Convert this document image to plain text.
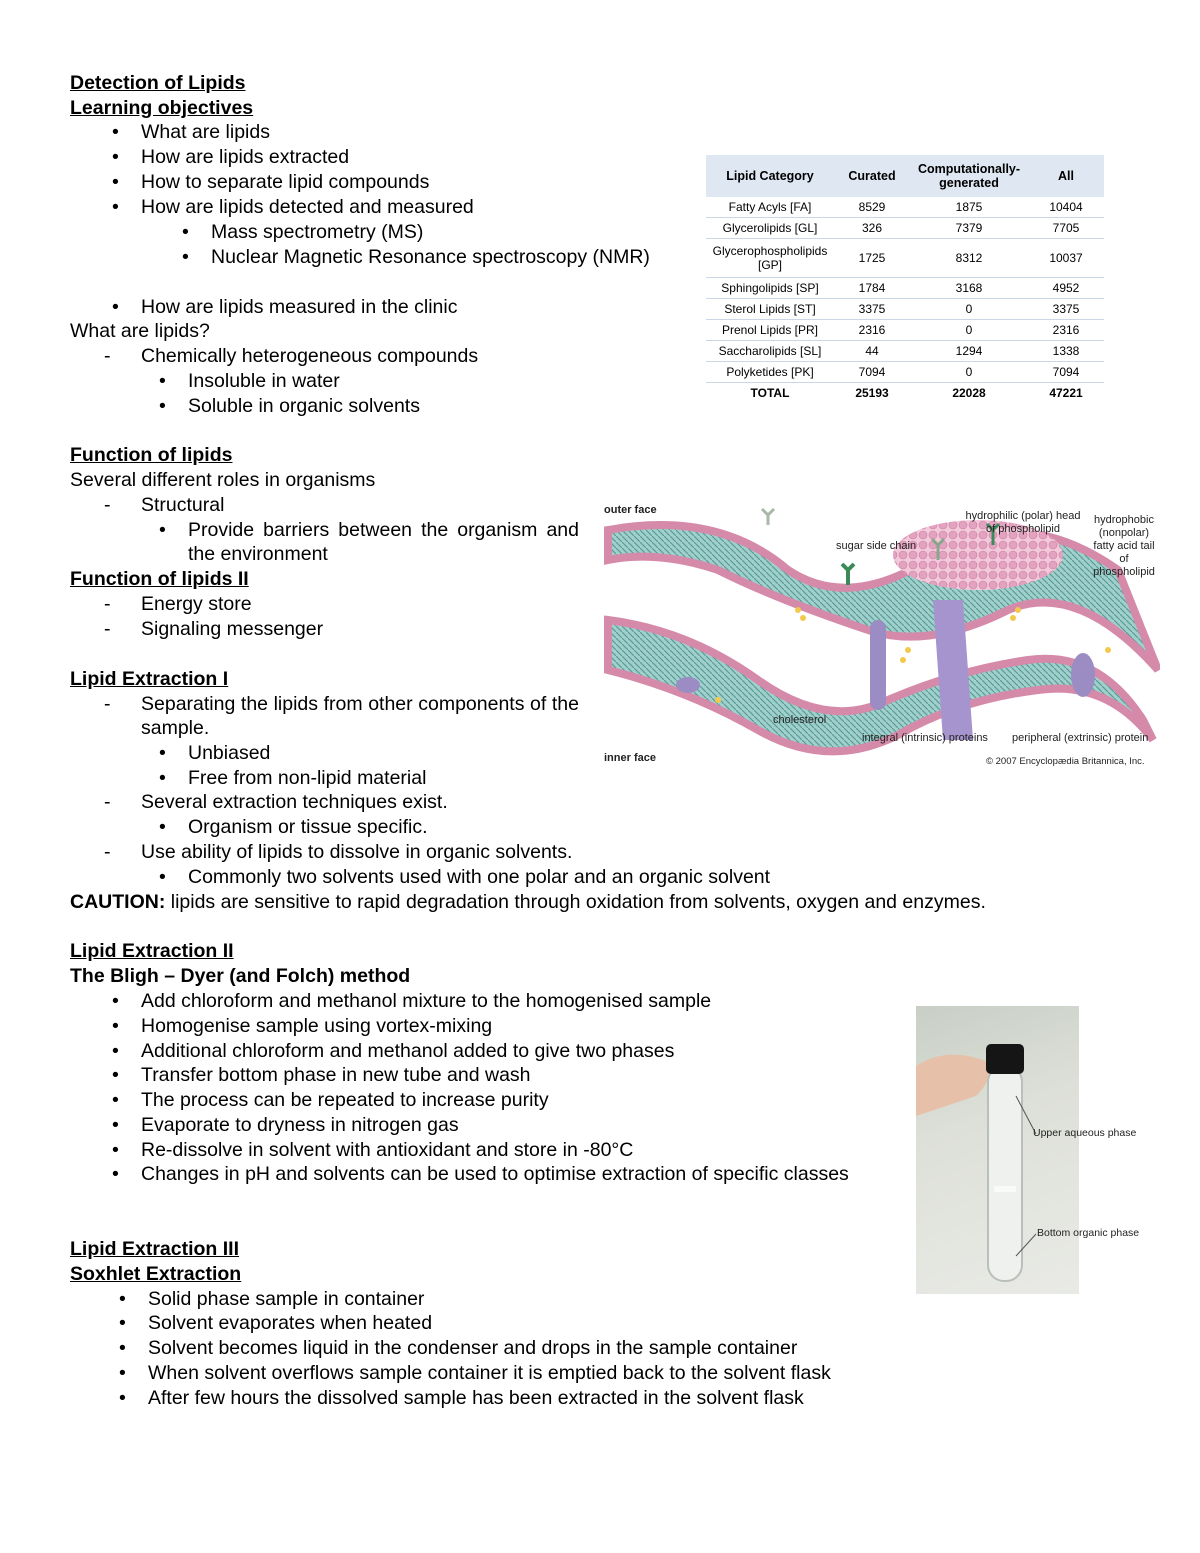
Detection of Lipids
Learning objectives
• What are lipids
• How are lipids extracted
• How to separate lipid compounds
• How are lipids detected and measured
• Mass spectrometry (MS)
• Nuclear Magnetic Resonance spectroscopy (NMR)
• How are lipids measured in the clinic
What are lipids?
- Chemically heterogeneous compounds
• Insoluble in water
• Soluble in organic solvents
Function of lipids
Several different roles in organisms
- Structural
• Provide barriers between the organism and the environment
Function of lipids II
- Energy store
- Signaling messenger
Lipid Extraction I
- Separating the lipids from other components of the sample.
• Unbiased
• Free from non-lipid material
- Several extraction techniques exist.
• Organism or tissue specific.
- Use ability of lipids to dissolve in organic solvents.
• Commonly two solvents used with one polar and an organic solvent
CAUTION: lipids are sensitive to rapid degradation through oxidation from solvents, oxygen and enzymes.
Lipid Extraction II
The Bligh – Dyer (and Folch) method
• Add chloroform and methanol mixture to the homogenised sample
• Homogenise sample using vortex-mixing
• Additional chloroform and methanol added to give two phases
• Transfer bottom phase in new tube and wash
• The process can be repeated to increase purity
• Evaporate to dryness in nitrogen gas
• Re-dissolve in solvent with antioxidant and store in -80°C
• Changes in pH and solvents can be used to optimise extraction of specific classes
Lipid Extraction III
Soxhlet Extraction
• Solid phase sample in container
• Solvent evaporates when heated
• Solvent becomes liquid in the condenser and drops in the sample container
• When solvent overflows sample container it is emptied back to the solvent flask
• After few hours the dissolved sample has been extracted in the solvent flask
Lipid Category	Curated	Computationally-generated	All
Fatty Acyls [FA]	8529	1875	10404
Glycerolipids [GL]	326	7379	7705
Glycerophospholipids [GP]	1725	8312	10037
Sphingolipids [SP]	1784	3168	4952
Sterol Lipids [ST]	3375	0	3375
Prenol Lipids [PR]	2316	0	2316
Saccharolipids [SL]	44	1294	1338
Polyketides [PK]	7094	0	7094
TOTAL	25193	22028	47221
outer face
inner face
sugar side chain
hydrophilic (polar) head of phospholipid
hydrophobic (nonpolar) fatty acid tail of phospholipid
cholesterol
integral (intrinsic) proteins peripheral (extrinsic) protein
© 2007 Encyclopædia Britannica, Inc.
Upper aqueous phase
Bottom organic phase
